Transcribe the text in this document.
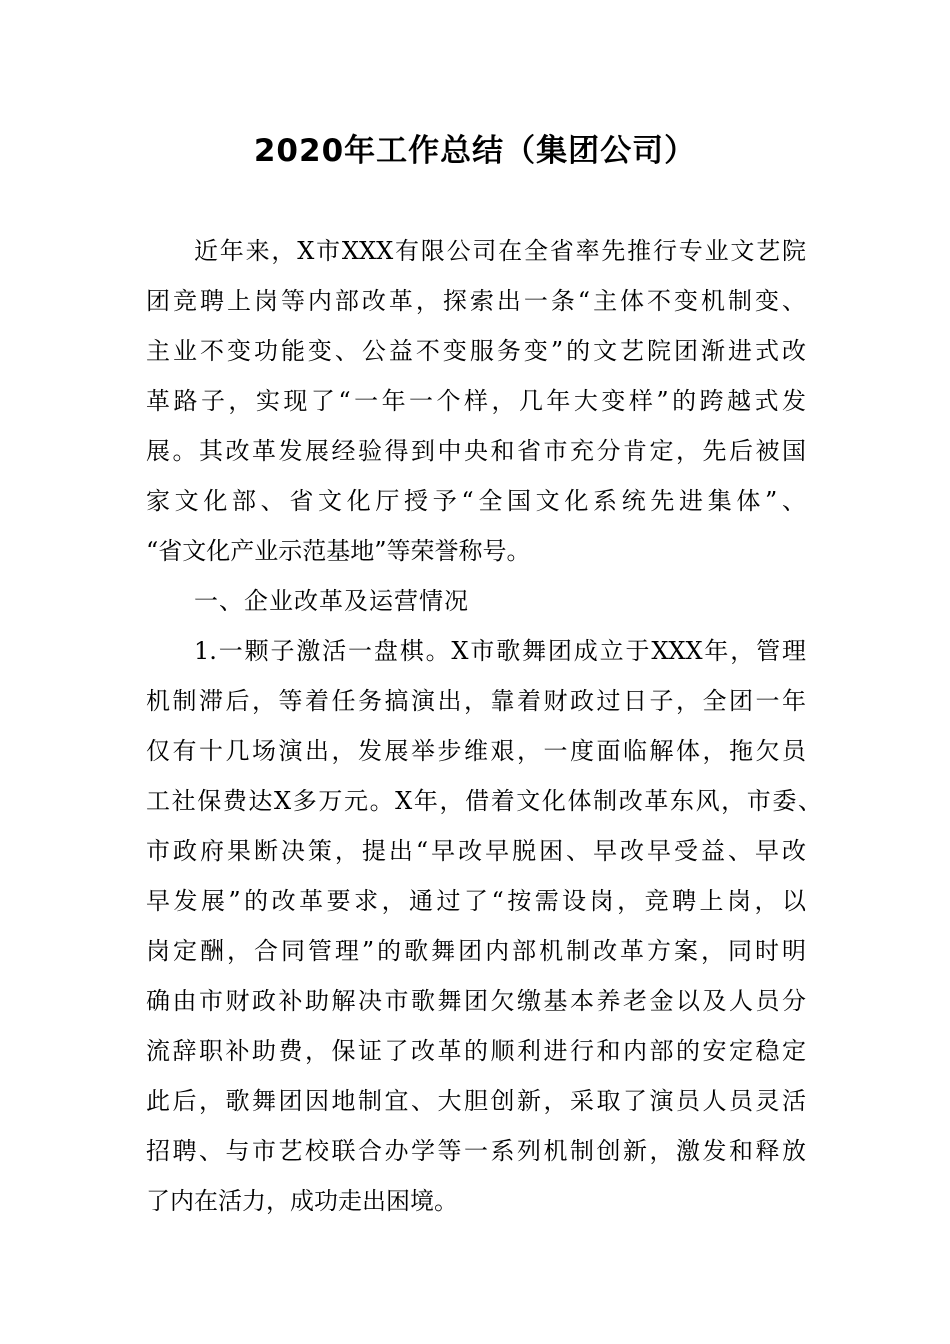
2020年工作总结（集团公司）
近年来，X市XXX有限公司在全省率先推行专业文艺院
团竞聘上岗等内部改革，探索出一条“主体不变机制变、
主业不变功能变、公益不变服务变”的文艺院团渐进式改
革路子，实现了“一年一个样，几年大变样”的跨越式发
展。其改革发展经验得到中央和省市充分肯定，先后被国
家文化部、省文化厅授予“全国文化系统先进集体”、
“省文化产业示范基地”等荣誉称号。
一、企业改革及运营情况
1.一颗子激活一盘棋。X市歌舞团成立于XXX年，管理
机制滞后，等着任务搞演出，靠着财政过日子，全团一年
仅有十几场演出，发展举步维艰，一度面临解体，拖欠员
工社保费达X多万元。X年，借着文化体制改革东风，市委、
市政府果断决策，提出“早改早脱困、早改早受益、早改
早发展”的改革要求，通过了“按需设岗，竞聘上岗，以
岗定酬，合同管理”的歌舞团内部机制改革方案，同时明
确由市财政补助解决市歌舞团欠缴基本养老金以及人员分
流辞职补助费，保证了改革的顺利进行和内部的安定稳定
此后，歌舞团因地制宜、大胆创新，采取了演员人员灵活
招聘、与市艺校联合办学等一系列机制创新，激发和释放
了内在活力，成功走出困境。
